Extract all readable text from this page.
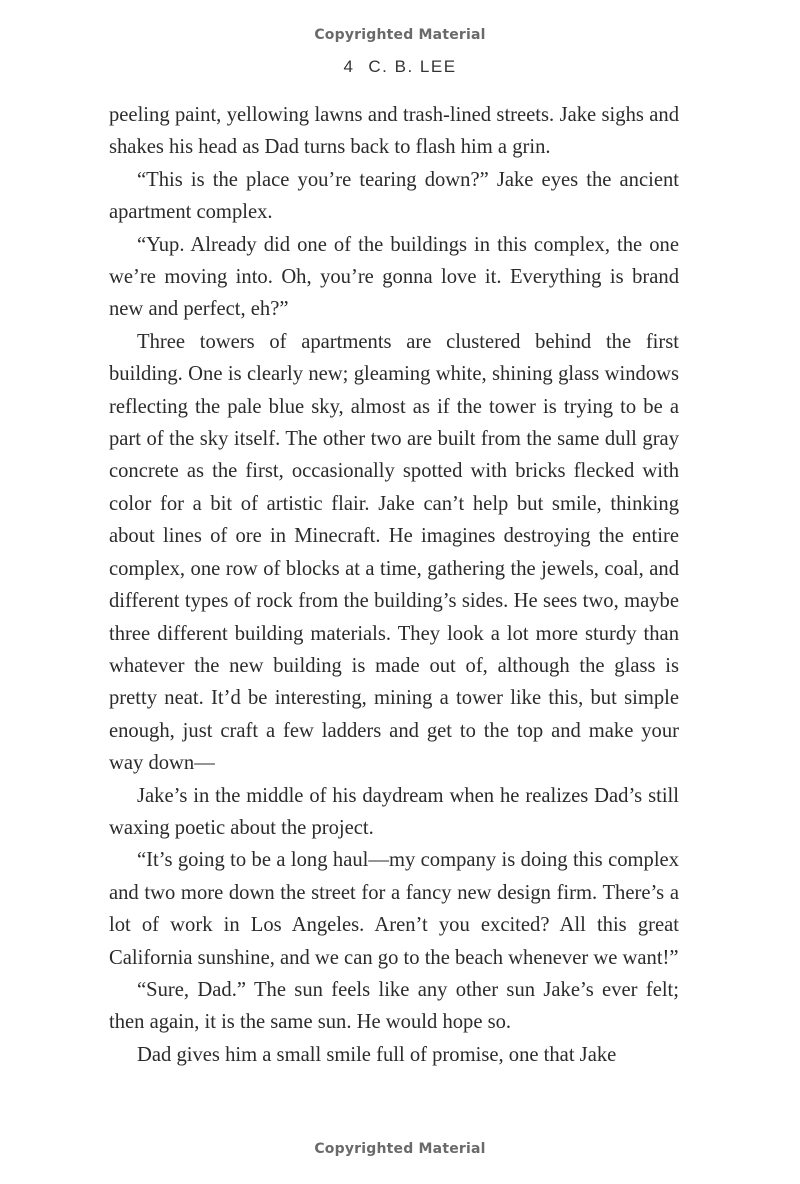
Copyrighted Material
4 C. B. LEE

peeling paint, yellowing lawns and trash-lined streets. Jake sighs and shakes his head as Dad turns back to flash him a grin.

“This is the place you’re tearing down?” Jake eyes the ancient apartment complex.

“Yup. Already did one of the buildings in this complex, the one we’re moving into. Oh, you’re gonna love it. Everything is brand new and perfect, eh?”

Three towers of apartments are clustered behind the first building. One is clearly new; gleaming white, shining glass windows reflecting the pale blue sky, almost as if the tower is trying to be a part of the sky itself. The other two are built from the same dull gray concrete as the first, occasionally spotted with bricks flecked with color for a bit of artistic flair. Jake can’t help but smile, thinking about lines of ore in Minecraft. He imagines destroying the entire complex, one row of blocks at a time, gathering the jewels, coal, and different types of rock from the building’s sides. He sees two, maybe three different building materials. They look a lot more sturdy than whatever the new building is made out of, although the glass is pretty neat. It’d be interesting, mining a tower like this, but simple enough, just craft a few ladders and get to the top and make your way down—

Jake’s in the middle of his daydream when he realizes Dad’s still waxing poetic about the project.

“It’s going to be a long haul—my company is doing this complex and two more down the street for a fancy new design firm. There’s a lot of work in Los Angeles. Aren’t you excited? All this great California sunshine, and we can go to the beach whenever we want!”

“Sure, Dad.” The sun feels like any other sun Jake’s ever felt; then again, it is the same sun. He would hope so.

Dad gives him a small smile full of promise, one that Jake

Copyrighted Material
